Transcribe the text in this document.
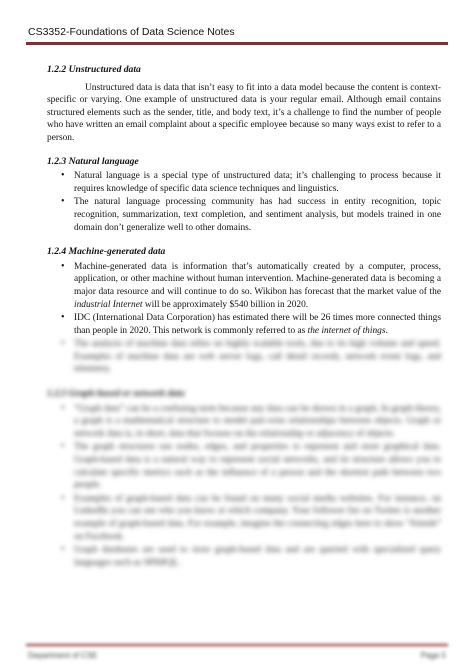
CS3352-Foundations of Data Science Notes
1.2.2 Unstructured data

Unstructured data is data that isn’t easy to fit into a data model because the content is context-specific or varying. One example of unstructured data is your regular email. Although email contains structured elements such as the sender, title, and body text, it’s a challenge to find the number of people who have written an email complaint about a specific employee because so many ways exist to refer to a person.

1.2.3 Natural language
• Natural language is a special type of unstructured data; it’s challenging to process because it requires knowledge of specific data science techniques and linguistics.
• The natural language processing community has had success in entity recognition, topic recognition, summarization, text completion, and sentiment analysis, but models trained in one domain don’t generalize well to other domains.
1.2.4 Machine-generated data
• Machine-generated data is information that’s automatically created by a computer, process, application, or other machine without human intervention. Machine-generated data is becoming a major data resource and will continue to do so. Wikibon has forecast that the market value of the industrial Internet will be approximately $540 billion in 2020.
• IDC (International Data Corporation) has estimated there will be 26 times more connected things than people in 2020. This network is commonly referred to as the internet of things.
• The analysis of machine data relies on highly scalable tools, due to its high volume and speed. Examples of machine data are web server logs, call detail records, network event logs, and telemetry.
1.2.5 Graph-based or network data
• “Graph data” can be a confusing term because any data can be shown in a graph. In graph theory, a graph is a mathematical structure to model pair-wise relationships between objects. Graph or network data is, in short, data that focuses on the relationship or adjacency of objects.
• The graph structures use nodes, edges, and properties to represent and store graphical data. Graph-based data is a natural way to represent social networks, and its structure allows you to calculate specific metrics such as the influence of a person and the shortest path between two people.
• Examples of graph-based data can be found on many social media websites. For instance, on LinkedIn you can see who you know at which company. Your follower list on Twitter is another example of graph-based data. For example, imagine the connecting edges here to show “friends” on Facebook.
• Graph databases are used to store graph-based data and are queried with specialized query languages such as SPARQL.
Department of CSE	Page 5
